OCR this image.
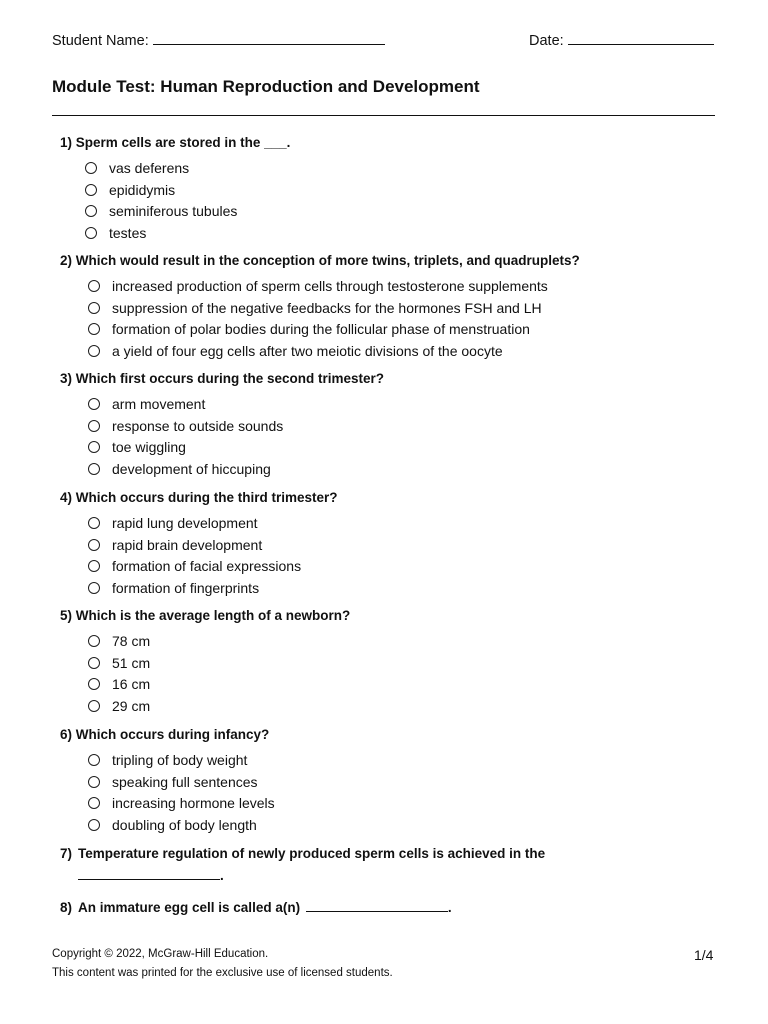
Student Name:	Date:
Module Test: Human Reproduction and Development
1) Sperm cells are stored in the ___.
vas deferens
epididymis
seminiferous tubules
testes
2) Which would result in the conception of more twins, triplets, and quadruplets?
increased production of sperm cells through testosterone supplements
suppression of the negative feedbacks for the hormones FSH and LH
formation of polar bodies during the follicular phase of menstruation
a yield of four egg cells after two meiotic divisions of the oocyte
3) Which first occurs during the second trimester?
arm movement
response to outside sounds
toe wiggling
development of hiccuping
4) Which occurs during the third trimester?
rapid lung development
rapid brain development
formation of facial expressions
formation of fingerprints
5) Which is the average length of a newborn?
78 cm
51 cm
16 cm
29 cm
6) Which occurs during infancy?
tripling of body weight
speaking full sentences
increasing hormone levels
doubling of body length
7) Temperature regulation of newly produced sperm cells is achieved in the
.
8) An immature egg cell is called a(n)	.
Copyright © 2022, McGraw-Hill Education.
This content was printed for the exclusive use of licensed students.
1/4
